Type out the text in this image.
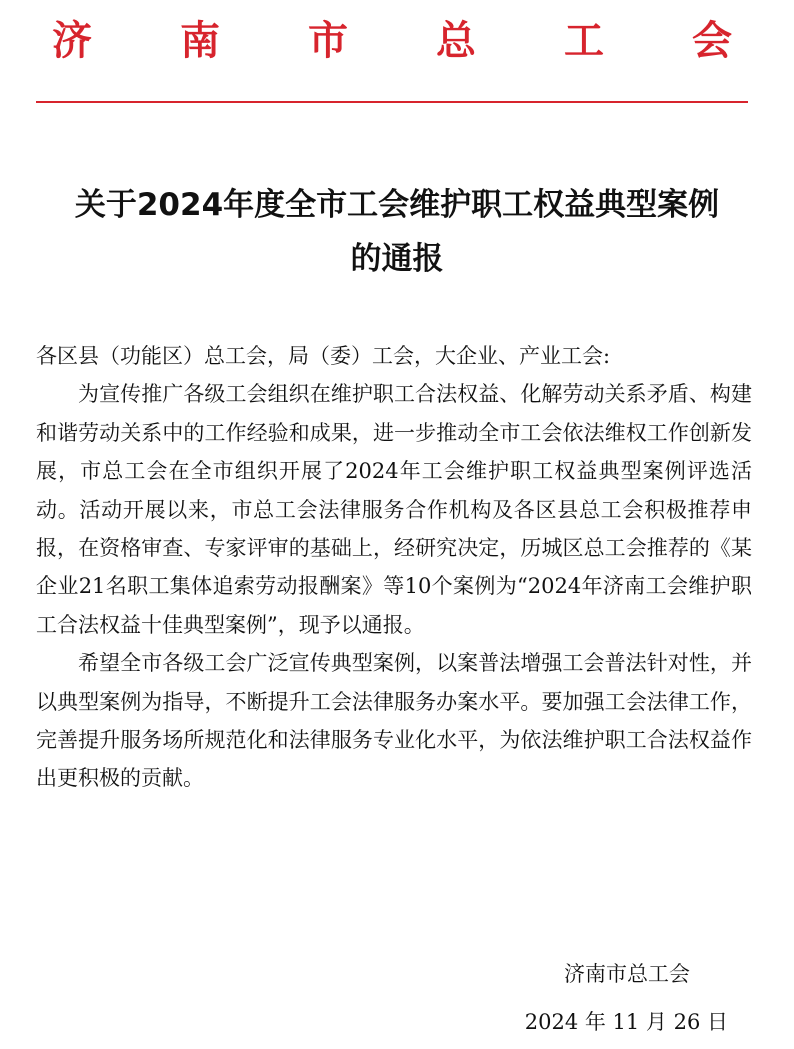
济 南 市 总 工 会
关于2024年度全市工会维护职工权益典型案例
的通报

各区县（功能区）总工会，局（委）工会，大企业、产业工会:

为宣传推广各级工会组织在维护职工合法权益、化解劳动关系矛盾、构建和谐劳动关系中的工作经验和成果，进一步推动全市工会依法维权工作创新发展，市总工会在全市组织开展了2024年工会维护职工权益典型案例评选活动。活动开展以来，市总工会法律服务合作机构及各区县总工会积极推荐申报，在资格审查、专家评审的基础上，经研究决定，历城区总工会推荐的《某企业21名职工集体追索劳动报酬案》等10个案例为“2024年济南工会维护职工合法权益十佳典型案例”，现予以通报。

希望全市各级工会广泛宣传典型案例，以案普法增强工会普法针对性，并以典型案例为指导，不断提升工会法律服务办案水平。要加强工会法律工作，完善提升服务场所规范化和法律服务专业化水平，为依法维护职工合法权益作出更积极的贡献。

济南市总工会
2024 年 11 月 26 日
